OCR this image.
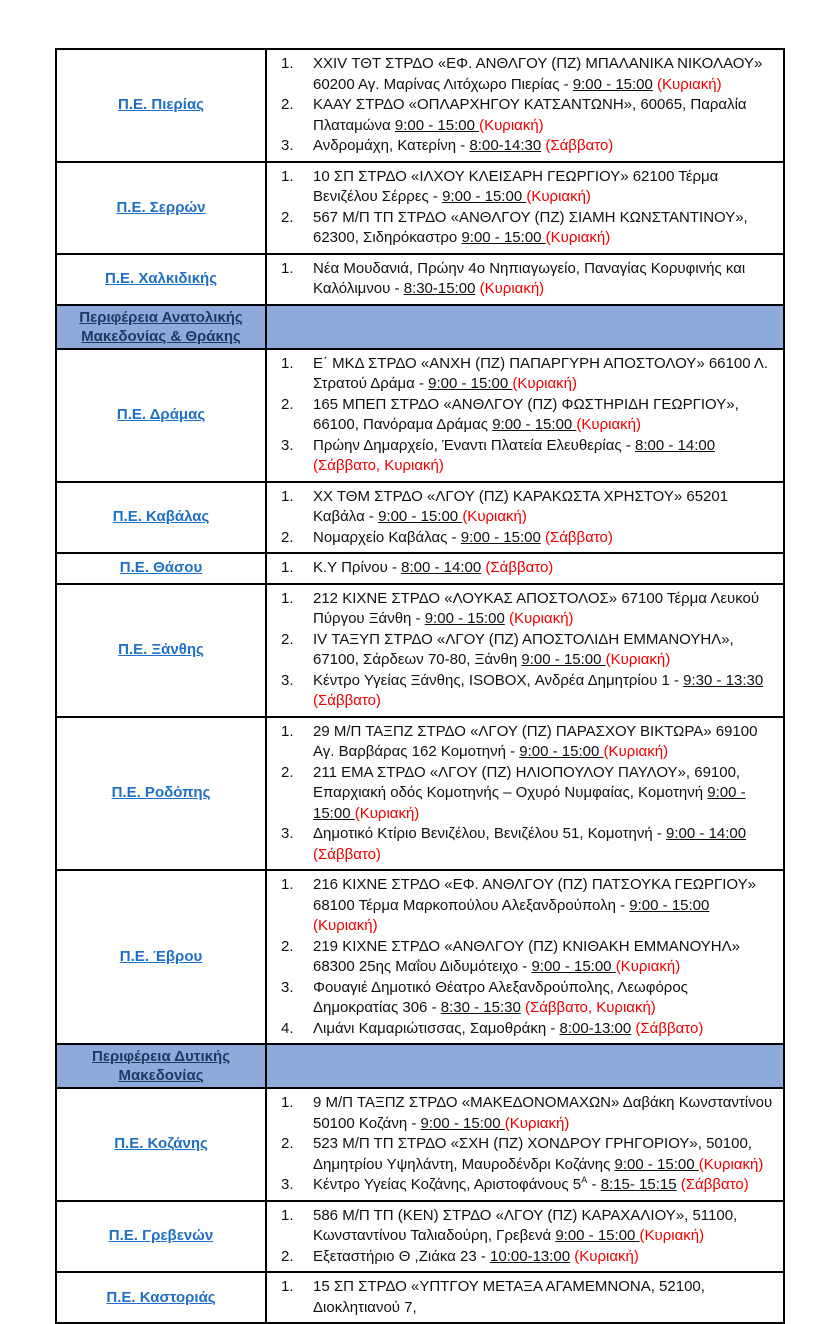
Π.Ε. Πιερίας
1.	XXIV ΤΘΤ ΣΤΡΔΟ «ΕΦ. ΑΝΘΛΓΟΥ (ΠΖ) ΜΠΑΛΑΝΙΚΑ ΝΙΚΟΛΑΟΥ» 60200 Αγ. Μαρίνας Λιτόχωρο Πιερίας - 9:00 - 15:00 (Κυριακή)
2.	ΚΑΑΥ ΣΤΡΔΟ «ΟΠΛΑΡΧΗΓΟΥ ΚΑΤΣΑΝΤΩΝΗ», 60065, Παραλία Πλαταμώνα 9:00 - 15:00 (Κυριακή)
3.	Ανδρομάχη, Κατερίνη - 8:00-14:30 (Σάββατο)
Π.Ε. Σερρών
1.	10 ΣΠ ΣΤΡΔΟ «ΙΛΧΟΥ ΚΛΕΙΣΑΡΗ ΓΕΩΡΓΙΟΥ» 62100 Τέρμα Βενιζέλου Σέρρες - 9:00 - 15:00 (Κυριακή)
2.	567 Μ/Π ΤΠ ΣΤΡΔΟ «ΑΝΘΛΓΟΥ (ΠΖ) ΣΙΑΜΗ ΚΩΝΣΤΑΝΤΙΝΟΥ», 62300, Σιδηρόκαστρο 9:00 - 15:00 (Κυριακή)
Π.Ε. Χαλκιδικής
1.	Νέα Μουδανιά, Πρώην 4ο Νηπιαγωγείο, Παναγίας Κορυφινής και Καλόλιμνου - 8:30-15:00 (Κυριακή)
Περιφέρεια Ανατολικής Μακεδονίας & Θράκης
Π.Ε. Δράμας
1.	Ε΄ ΜΚΔ ΣΤΡΔΟ «ΑΝΧΗ (ΠΖ) ΠΑΠΑΡΓΥΡΗ ΑΠΟΣΤΟΛΟΥ» 66100 Λ. Στρατού Δράμα - 9:00 - 15:00 (Κυριακή)
2.	165 ΜΠΕΠ ΣΤΡΔΟ «ΑΝΘΛΓΟΥ (ΠΖ) ΦΩΣΤΗΡΙΔΗ ΓΕΩΡΓΙΟΥ», 66100, Πανόραμα Δράμας 9:00 - 15:00 (Κυριακή)
3.	Πρώην Δημαρχείο, Έναντι Πλατεία Ελευθερίας - 8:00 - 14:00 (Σάββατο, Κυριακή)
Π.Ε. Καβάλας
1.	ΧΧ ΤΘΜ ΣΤΡΔΟ «ΛΓΟΥ (ΠΖ) ΚΑΡΑΚΩΣΤΑ ΧΡΗΣΤΟΥ» 65201 Καβάλα - 9:00 - 15:00 (Κυριακή)
2.	Νομαρχείο Καβάλας - 9:00 - 15:00 (Σάββατο)
Π.Ε. Θάσου	1.	Κ.Υ Πρίνου - 8:00 - 14:00 (Σάββατο)
Π.Ε. Ξάνθης
1.	212 ΚΙΧΝΕ ΣΤΡΔΟ «ΛΟΥΚΑΣ ΑΠΟΣΤΟΛΟΣ» 67100 Τέρμα Λευκού Πύργου Ξάνθη - 9:00 - 15:00 (Κυριακή)
2.	IV ΤΑΞΥΠ ΣΤΡΔΟ «ΛΓΟΥ (ΠΖ) ΑΠΟΣΤΟΛΙΔΗ ΕΜΜΑΝΟΥΗΛ», 67100, Σάρδεων 70-80, Ξάνθη 9:00 - 15:00 (Κυριακή)
3.	Κέντρο Υγείας Ξάνθης, ISOBOX, Ανδρέα Δημητρίου 1 - 9:30 - 13:30 (Σάββατο)
Π.Ε. Ροδόπης
1.	29 Μ/Π ΤΑΞΠΖ ΣΤΡΔΟ «ΛΓΟΥ (ΠΖ) ΠΑΡΑΣΧΟΥ ΒΙΚΤΩΡΑ» 69100 Αγ. Βαρβάρας 162 Κομοτηνή - 9:00 - 15:00 (Κυριακή)
2.	211 ΕΜΑ ΣΤΡΔΟ «ΛΓΟΥ (ΠΖ) ΗΛΙΟΠΟΥΛΟΥ ΠΑΥΛΟΥ», 69100, Επαρχιακή οδός Κομοτηνής – Οχυρό Νυμφαίας, Κομοτηνή 9:00 - 15:00 (Κυριακή)
3.	Δημοτικό Κτίριο Βενιζέλου, Βενιζέλου 51, Κομοτηνή - 9:00 - 14:00 (Σάββατο)
Π.Ε. Έβρου
1.	216 ΚΙΧΝΕ ΣΤΡΔΟ «ΕΦ. ΑΝΘΛΓΟΥ (ΠΖ) ΠΑΤΣΟΥΚΑ ΓΕΩΡΓΙΟΥ» 68100 Τέρμα Μαρκοπούλου Αλεξανδρούπολη - 9:00 - 15:00 (Κυριακή)
2.	219 ΚΙΧΝΕ ΣΤΡΔΟ «ΑΝΘΛΓΟΥ (ΠΖ) ΚΝΙΘΑΚΗ ΕΜΜΑΝΟΥΗΛ» 68300 25ης Μαΐου Διδυμότειχο - 9:00 - 15:00 (Κυριακή)
3.	Φουαγιέ Δημοτικό Θέατρο Αλεξανδρούπολης, Λεωφόρος Δημοκρατίας 306 - 8:30 - 15:30 (Σάββατο, Κυριακή)
4.	Λιμάνι Καμαριώτισσας, Σαμοθράκη - 8:00-13:00 (Σάββατο)
Περιφέρεια Δυτικής Μακεδονίας
Π.Ε. Κοζάνης
1.	9 Μ/Π ΤΑΞΠΖ ΣΤΡΔΟ «ΜΑΚΕΔΟΝΟΜΑΧΩΝ» Δαβάκη Κωνσταντίνου 50100 Κοζάνη - 9:00 - 15:00 (Κυριακή)
2.	523 Μ/Π ΤΠ ΣΤΡΔΟ «ΣΧΗ (ΠΖ) ΧΟΝΔΡΟΥ ΓΡΗΓΟΡΙΟΥ», 50100, Δημητρίου Υψηλάντη, Μαυροδένδρι Κοζάνης 9:00 - 15:00 (Κυριακή)
3.	Κέντρο Υγείας Κοζάνης, Αριστοφάνους $5^A$ - 8:15- 15:15 (Σάββατο)
Π.Ε. Γρεβενών
1.	586 Μ/Π ΤΠ (ΚΕΝ) ΣΤΡΔΟ «ΛΓΟΥ (ΠΖ) ΚΑΡΑΧΑΛΙΟΥ», 51100, Κωνσταντίνου Ταλιαδούρη, Γρεβενά 9:00 - 15:00 (Κυριακή)
2.	Εξεταστήριο Θ ,Ζιάκα 23 - 10:00-13:00 (Κυριακή)
Π.Ε. Καστοριάς
1.	15 ΣΠ ΣΤΡΔΟ «ΥΠΤΓΟΥ ΜΕΤΑΞΑ ΑΓΑΜΕΜΝΟΝΑ, 52100, Διοκλητιανού 7,
